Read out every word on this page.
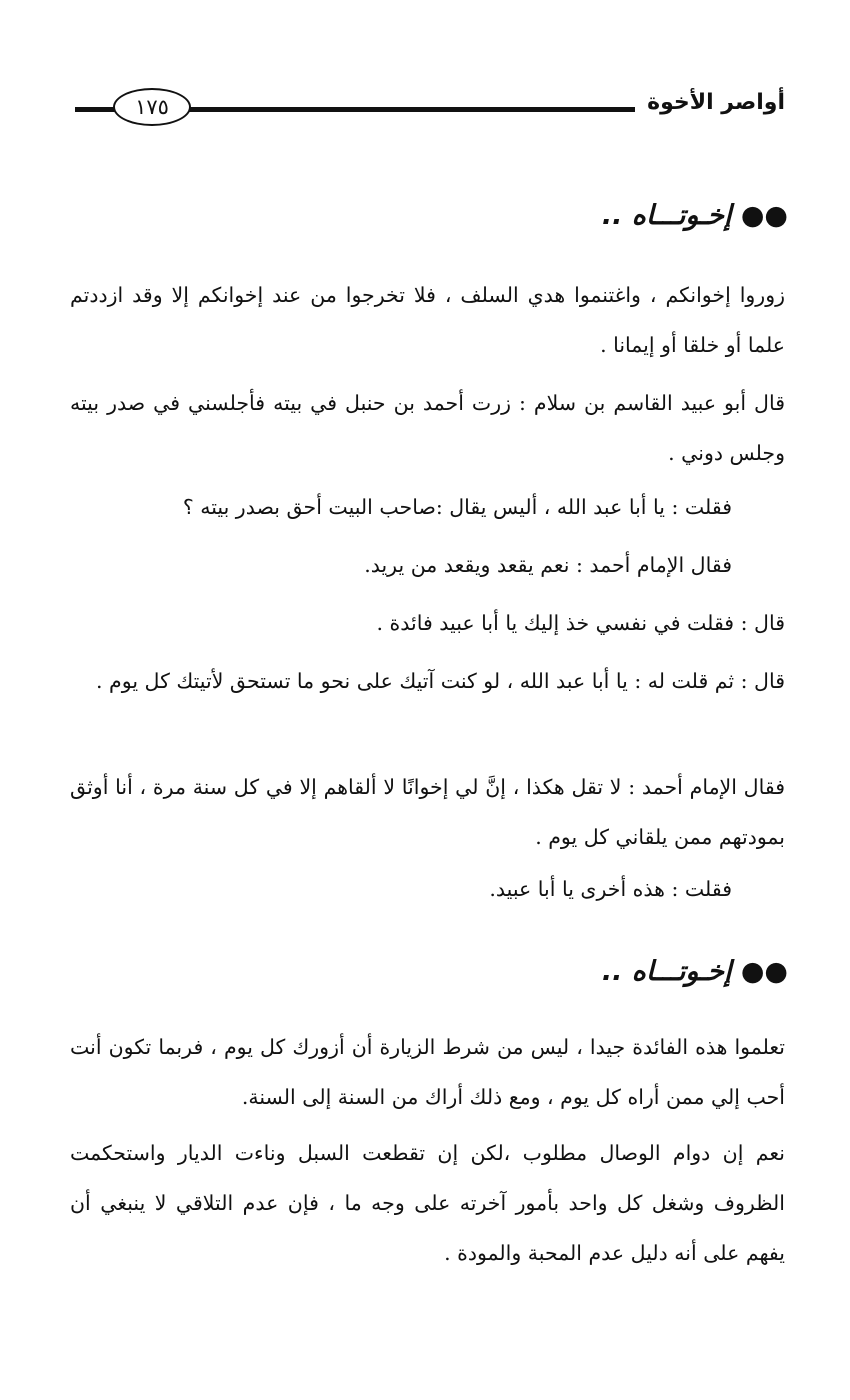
أواصر الأخوة
١٧٥
●● إخـوتـــاه ..
زوروا إخوانكم ، واغتنموا هدي السلف ، فلا تخرجوا من عند إخوانكم إلا وقد ازددتم علما أو خلقا أو إيمانا .
قال أبو عبيد القاسم بن سلام : زرت أحمد بن حنبل في بيته فأجلسني في صدر بيته وجلس دوني .
فقلت : يا أبا عبد الله ، أليس يقال :صاحب البيت أحق بصدر بيته ؟
فقال الإمام أحمد : نعم يقعد ويقعد من يريد.
قال : فقلت في نفسي خذ إليك يا أبا عبيد فائدة .
قال : ثم قلت له : يا أبا عبد الله ، لو كنت آتيك على نحو ما تستحق لأتيتك كل يوم .
فقال الإمام أحمد : لا تقل هكذا ، إنَّ لي إخوانًا لا ألقاهم إلا في كل سنة مرة ، أنا أوثق بمودتهم ممن يلقاني كل يوم .
فقلت : هذه أخرى يا أبا عبيد.
●● إخـوتـــاه ..
تعلموا هذه الفائدة جيدا ، ليس من شرط الزيارة أن أزورك كل يوم ، فربما تكون أنت أحب إلي ممن أراه كل يوم ، ومع ذلك أراك من السنة إلى السنة.
نعم إن دوام الوصال مطلوب ،لكن إن تقطعت السبل وناءت الديار واستحكمت الظروف وشغل كل واحد بأمور آخرته على وجه ما ، فإن عدم التلاقي لا ينبغي أن يفهم على أنه دليل عدم المحبة والمودة .
